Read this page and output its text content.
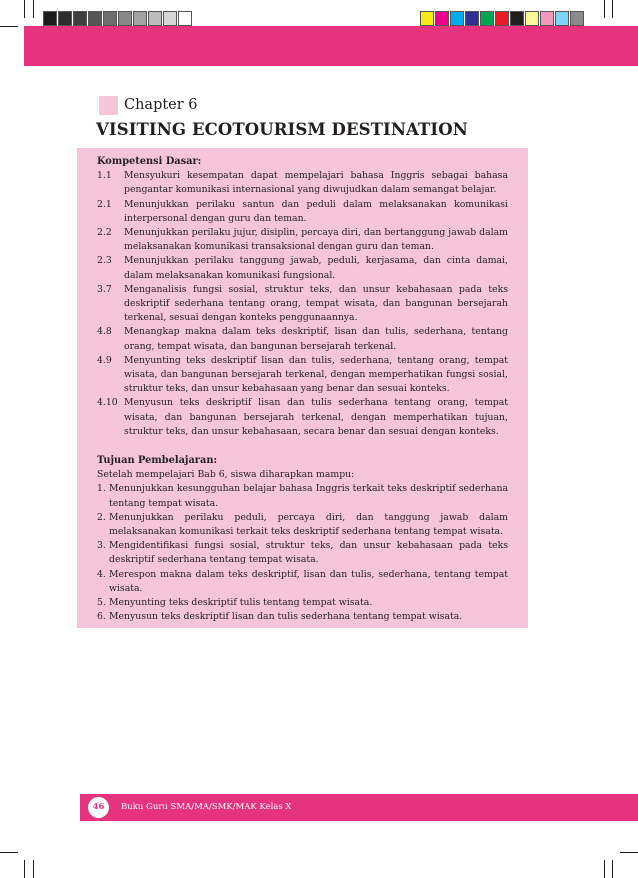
Chapter 6
VISITING ECOTOURISM DESTINATION
Kompetensi Dasar:
1.1	Mensyukuri kesempatan dapat mempelajari bahasa Inggris sebagai bahasa pengantar komunikasi internasional yang diwujudkan dalam semangat belajar.
2.1	Menunjukkan perilaku santun dan peduli dalam melaksanakan komunikasi interpersonal dengan guru dan teman.
2.2	Menunjukkan perilaku jujur, disiplin, percaya diri, dan bertanggung jawab dalam melaksanakan komunikasi transaksional dengan guru dan teman.
2.3	Menunjukkan perilaku tanggung jawab, peduli, kerjasama, dan cinta damai, dalam melaksanakan komunikasi fungsional.
3.7	Menganalisis fungsi sosial, struktur teks, dan unsur kebahasaan pada teks deskriptif sederhana tentang orang, tempat wisata, dan bangunan bersejarah terkenal, sesuai dengan konteks penggunaannya.
4.8	Menangkap makna dalam teks deskriptif, lisan dan tulis, sederhana, tentang orang, tempat wisata, dan bangunan bersejarah terkenal.
4.9	Menyunting teks deskriptif lisan dan tulis, sederhana, tentang orang, tempat wisata, dan bangunan bersejarah terkenal, dengan memperhatikan fungsi sosial, struktur teks, dan unsur kebahasaan yang benar dan sesuai konteks.
4.10 Menyusun teks deskriptif lisan dan tulis sederhana tentang orang, tempat wisata, dan bangunan bersejarah terkenal, dengan memperhatikan tujuan, struktur teks, dan unsur kebahasaan, secara benar dan sesuai dengan konteks.
Tujuan Pembelajaran:
Setelah mempelajari Bab 6, siswa diharapkan mampu:
1. Menunjukkan kesungguhan belajar bahasa Inggris terkait teks deskriptif sederhana tentang tempat wisata.
2. Menunjukkan perilaku peduli, percaya diri, dan tanggung jawab dalam melaksanakan komunikasi terkait teks deskriptif sederhana tentang tempat wisata.
3. Mengidentifikasi fungsi sosial, struktur teks, dan unsur kebahasaan pada teks deskriptif sederhana tentang tempat wisata.
4. Merespon makna dalam teks deskriptif, lisan dan tulis, sederhana, tentang tempat wisata.
5. Menyunting teks deskriptif tulis tentang tempat wisata.
6. Menyusun teks deskriptif lisan dan tulis sederhana tentang tempat wisata.
46	Buku Guru SMA/MA/SMK/MAK Kelas X
